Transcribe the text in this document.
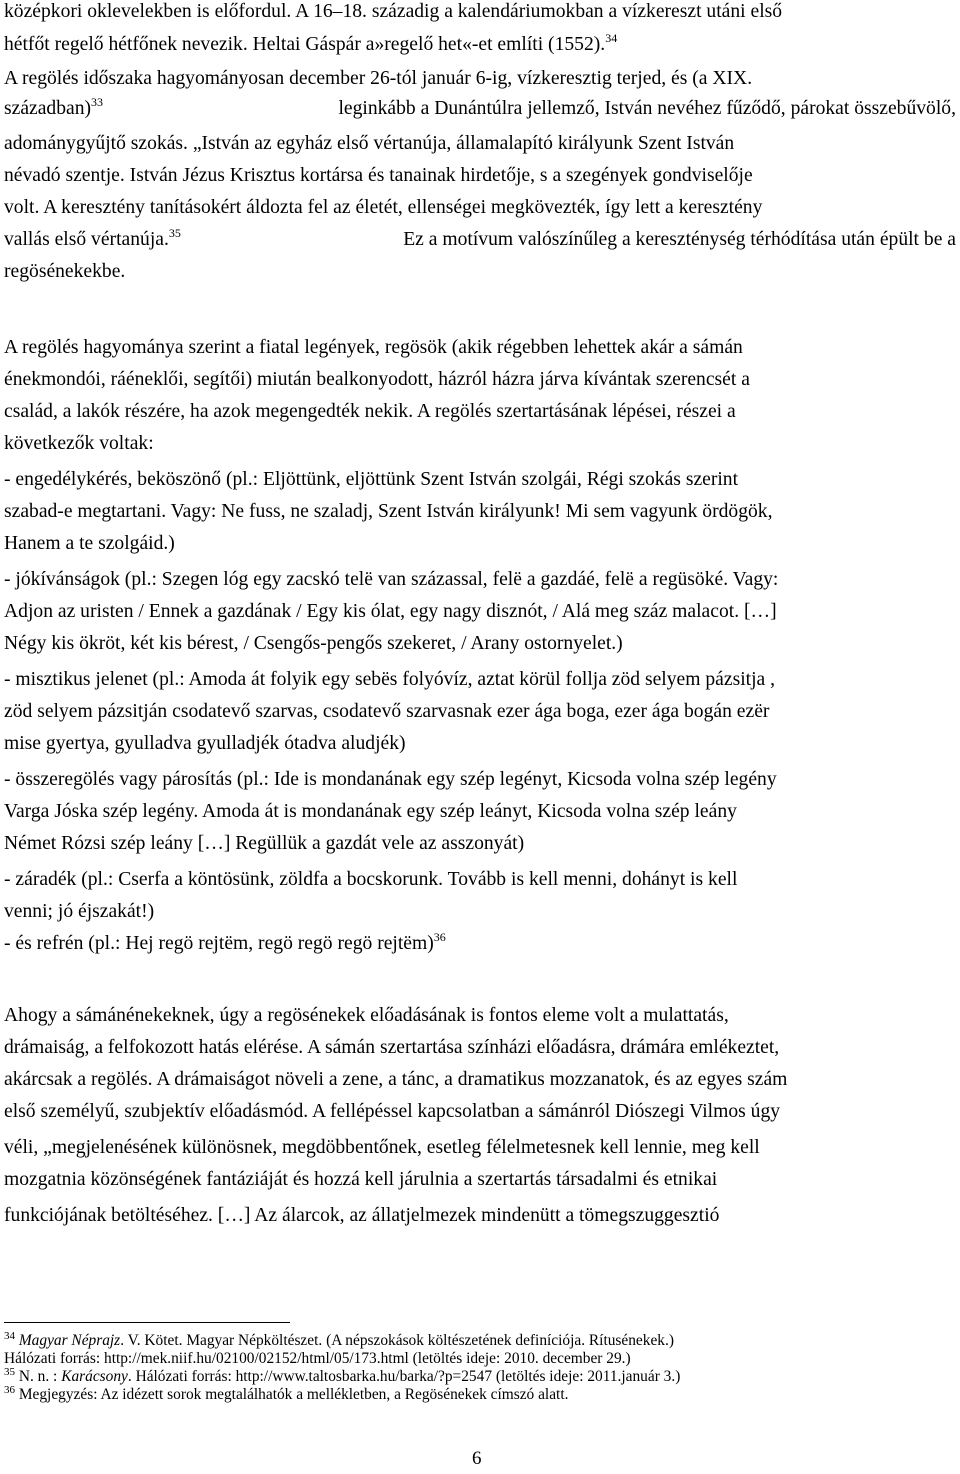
középkori oklevelekben is előfordul. A 16–18. századig a kalendáriumokban a vízkereszt utáni első
hétfőt regelő hétfőnek nevezik. Heltai Gáspár a»regelő het«-et említi (1552).$^{34}$
A regölés időszaka hagyományosan december 26-tól január 6-ig, vízkeresztig terjed, és (a XIX.
században)$^{33}$	leginkább a Dunántúlra jellemző, István nevéhez fűződő, párokat összebűvölő,
adománygyűjtő szokás. „István az egyház első vértanúja, államalapító királyunk Szent István
névadó szentje. István Jézus Krisztus kortársa és tanainak hirdetője, s a szegények gondviselője
volt. A keresztény tanításokért áldozta fel az életét, ellenségei megkövezték, így lett a keresztény
vallás első vértanúja.$^{35}$	Ez a motívum valószínűleg a kereszténység térhódítása után épült be a
regösénekekbe.
A regölés hagyománya szerint a fiatal legények, regösök (akik régebben lehettek akár a sámán
énekmondói, ráéneklői, segítői) miután bealkonyodott, házról házra járva kívántak szerencsét a
család, a lakók részére, ha azok megengedték nekik. A regölés szertartásának lépései, részei a
következők voltak:
- engedélykérés, beköszönő (pl.: Eljöttünk, eljöttünk Szent István szolgái, Régi szokás szerint
szabad-e megtartani. Vagy: Ne fuss, ne szaladj, Szent István királyunk! Mi sem vagyunk ördögök,
Hanem a te szolgáid.)
- jókívánságok (pl.: Szegen lóg egy zacskó telë van százassal, felë a gazdáé, felë a regüsöké. Vagy:
Adjon az uristen / Ennek a gazdának / Egy kis ólat, egy nagy disznót, / Alá meg száz malacot. […]
Négy kis ökröt, két kis bérest, / Csengős-pengős szekeret, / Arany ostornyelet.)
- misztikus jelenet (pl.: Amoda át folyik egy sebës folyóvíz, aztat körül follja zöd selyem pázsitja ,
zöd selyem pázsitján csodatevő szarvas, csodatevő szarvasnak ezer ága boga, ezer ága bogán ezër
mise gyertya, gyulladva gyulladjék ótadva aludjék)
- összeregölés vagy párosítás (pl.: Ide is mondanának egy szép legényt, Kicsoda volna szép legény
Varga Jóska szép legény. Amoda át is mondanának egy szép leányt, Kicsoda volna szép leány
Német Rózsi szép leány […] Regüllük a gazdát vele az asszonyát)
- záradék (pl.: Cserfa a köntösünk, zöldfa a bocskorunk. Tovább is kell menni, dohányt is kell
venni; jó éjszakát!)
- és refrén (pl.: Hej regö rejtëm, regö regö regö rejtëm)$^{36}$
Ahogy a sámánénekeknek, úgy a regösénekek előadásának is fontos eleme volt a mulattatás,
drámaiság, a felfokozott hatás elérése. A sámán szertartása színházi előadásra, drámára emlékeztet,
akárcsak a regölés. A drámaiságot növeli a zene, a tánc, a dramatikus mozzanatok, és az egyes szám
első személyű, szubjektív előadásmód. A fellépéssel kapcsolatban a sámánról Diószegi Vilmos úgy
véli, „megjelenésének különösnek, megdöbbentőnek, esetleg félelmetesnek kell lennie, meg kell
mozgatnia közönségének fantáziáját és hozzá kell járulnia a szertartás társadalmi és etnikai
funkciójának betöltéséhez. […] Az álarcok, az állatjelmezek mindenütt a tömegszuggesztió
$^{34}$ Magyar Néprajz. V. Kötet. Magyar Népköltészet. (A népszokások költészetének definíciója. Rítusénekek.)
Hálózati forrás: http://mek.niif.hu/02100/02152/html/05/173.html (letöltés ideje: 2010. december 29.)
$^{35}$ N. n. : Karácsony. Hálózati forrás: http://www.taltosbarka.hu/barka/?p=2547 (letöltés ideje: 2011.január 3.)
$^{36}$ Megjegyzés: Az idézett sorok megtalálhatók a mellékletben, a Regösénekek címszó alatt.
6
